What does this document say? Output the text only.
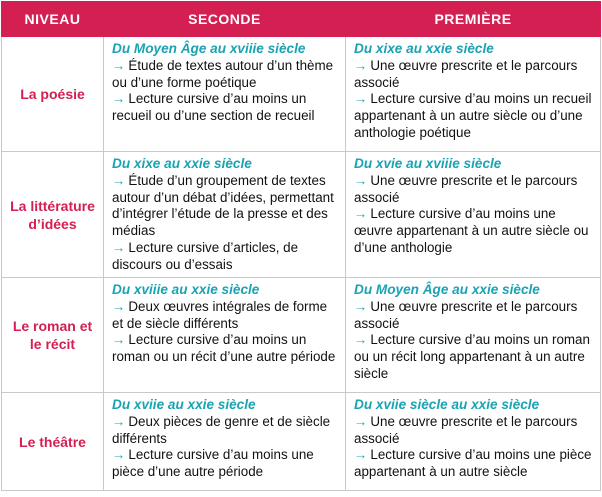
NIVEAU	SECONDE	PREMIÈRE
La poésie	Du Moyen Âge au xviiie siècle
→ Étude de textes autour d’un thème ou d’une forme poétique
→ Lecture cursive d’au moins un recueil ou d’une section de recueil	Du xixe au xxie siècle
→ Une œuvre prescrite et le parcours associé
→ Lecture cursive d’au moins un recueil appartenant à un autre siècle ou d’une anthologie poétique

La littérature d’idées	Du xixe au xxie siècle
→ Étude d’un groupement de textes autour d’un débat d’idées, permettant d’intégrer l’étude de la presse et des médias
→ Lecture cursive d’articles, de discours ou d’essais	Du xvie au xviiie siècle
→ Une œuvre prescrite et le parcours associé
→ Lecture cursive d’au moins une œuvre appartenant à un autre siècle ou d’une anthologie

Le roman et le récit	Du xviiie au xxie siècle
→ Deux œuvres intégrales de forme et de siècle différents
→ Lecture cursive d’au moins un roman ou un récit d’une autre période	Du Moyen Âge au xxie siècle
→ Une œuvre prescrite et le parcours associé
→ Lecture cursive d’au moins un roman ou un récit long appartenant à un autre siècle

Le théâtre	Du xviie au xxie siècle
→ Deux pièces de genre et de siècle différents
→ Lecture cursive d’au moins une pièce d’une autre période	Du xviie siècle au xxie siècle
→ Une œuvre prescrite et le parcours associé
→ Lecture cursive d’au moins une pièce appartenant à un autre siècle
